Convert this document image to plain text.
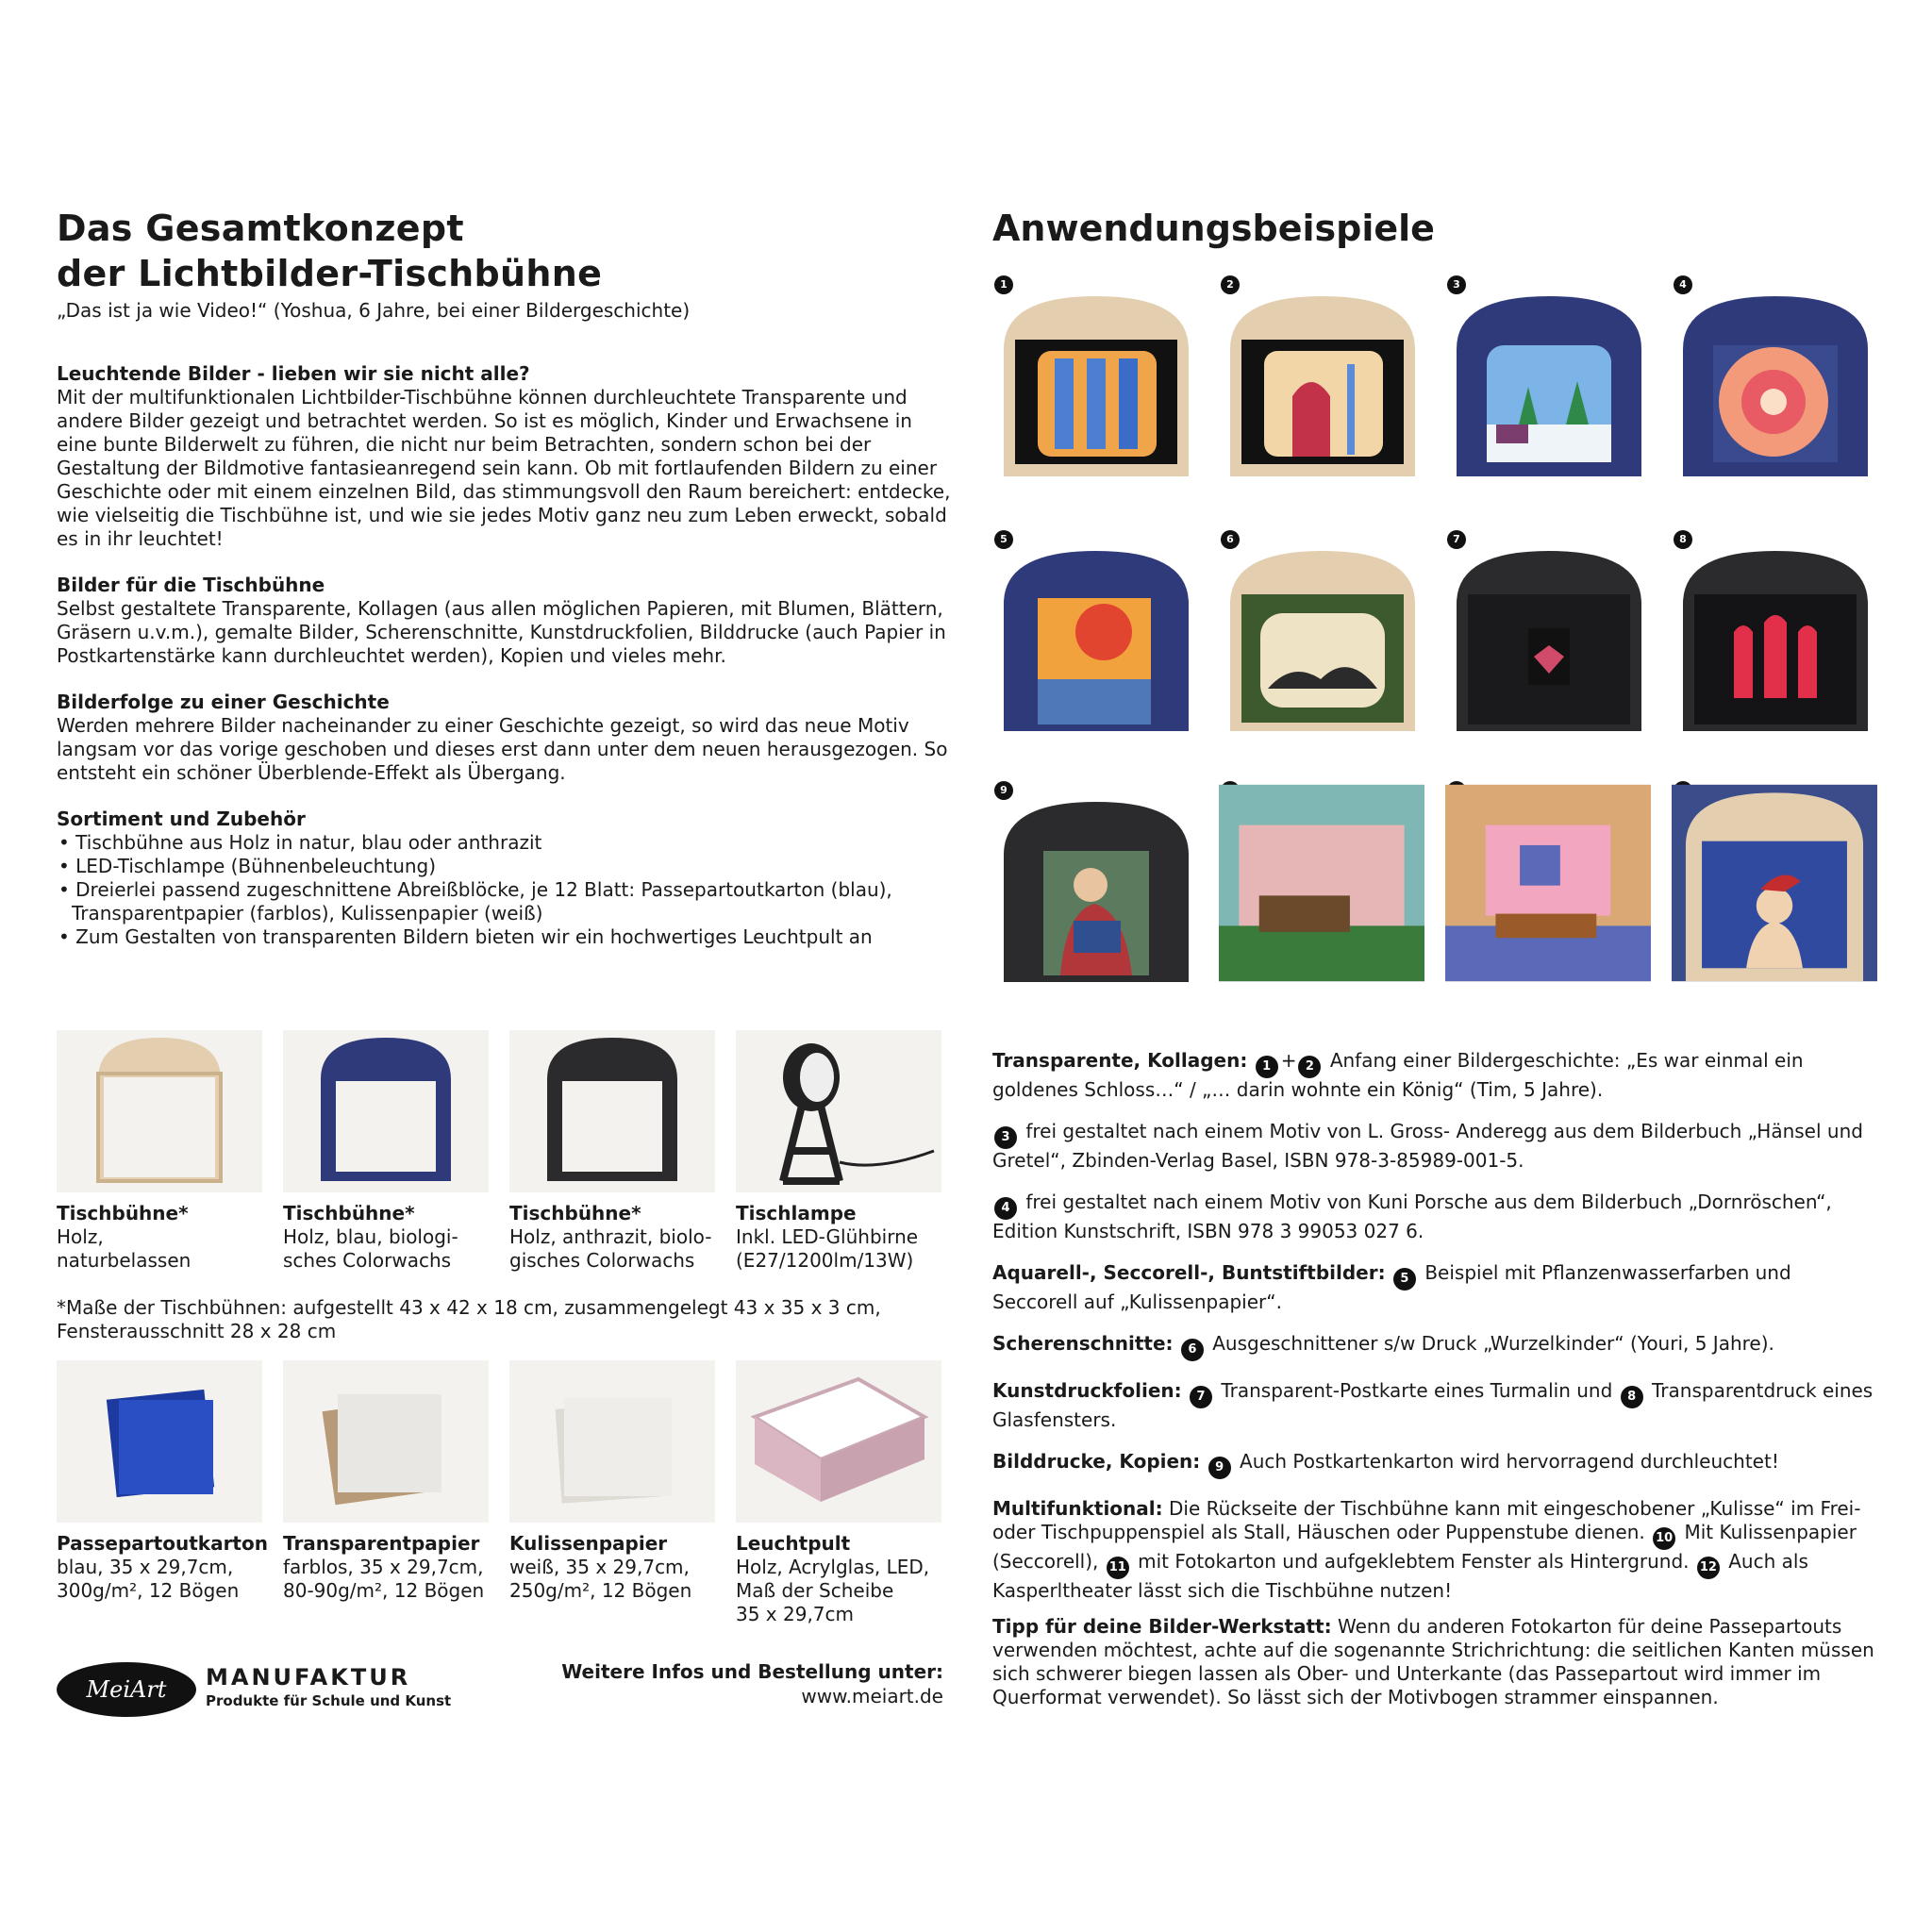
Das Gesamtkonzept
der Lichtbilder-Tischbühne
„Das ist ja wie Video!“ (Yoshua, 6 Jahre, bei einer Bildergeschichte)
Leuchtende Bilder - lieben wir sie nicht alle?

Mit der multifunktionalen Lichtbilder-Tischbühne können durchleuchtete Transparente und andere Bilder gezeigt und betrachtet werden. So ist es möglich, Kinder und Erwachsene in eine bunte Bilderwelt zu führen, die nicht nur beim Betrachten, sondern schon bei der Gestaltung der Bildmotive fantasieanregend sein kann. Ob mit fortlaufenden Bildern zu einer Geschichte oder mit einem einzelnen Bild, das stimmungsvoll den Raum bereichert: entdecke, wie vielseitig die Tischbühne ist, und wie sie jedes Motiv ganz neu zum Leben erweckt, sobald es in ihr leuchtet!

Bilder für die Tischbühne

Selbst gestaltete Transparente, Kollagen (aus allen möglichen Papieren, mit Blumen, Blättern, Gräsern u.v.m.), gemalte Bilder, Scherenschnitte, Kunstdruckfolien, Bilddrucke (auch Papier in Postkartenstärke kann durchleuchtet werden), Kopien und vieles mehr.

Bilderfolge zu einer Geschichte

Werden mehrere Bilder nacheinander zu einer Geschichte gezeigt, so wird das neue Motiv langsam vor das vorige geschoben und dieses erst dann unter dem neuen herausgezogen. So entsteht ein schöner Überblende-Effekt als Übergang.

Sortiment und Zubehör
• Tischbühne aus Holz in natur, blau oder anthrazit
• LED-Tischlampe (Bühnenbeleuchtung)
• Dreierlei passend zugeschnittene Abreißblöcke, je 12 Blatt: Passepartoutkarton (blau), Transparentpapier (farblos), Kulissenpapier (weiß)
• Zum Gestalten von transparenten Bildern bieten wir ein hochwertiges Leuchtpult an
Tischbühne*
Holz,
naturbelassen
Tischbühne*
Holz, blau, biologi-
sches Colorwachs
Tischbühne*
Holz, anthrazit, biolo-
gisches Colorwachs
Tischlampe
Inkl. LED-Glühbirne
(E27/1200lm/13W)
*Maße der Tischbühnen: aufgestellt 43 x 42 x 18 cm, zusammengelegt 43 x 35 x 3 cm, Fensterausschnitt 28 x 28 cm
Passepartoutkarton
blau, 35 x 29,7cm,
300g/m², 12 Bögen
Transparentpapier
farblos, 35 x 29,7cm,
80-90g/m², 12 Bögen
Kulissenpapier
weiß, 35 x 29,7cm,
250g/m², 12 Bögen
Leuchtpult
Holz, Acrylglas, LED,
Maß der Scheibe
35 x 29,7cm
MeiArt	MANUFAKTUR
Produkte für Schule und Kunst
Weitere Infos und Bestellung unter:
www.meiart.de
Anwendungsbeispiele
1	2	3	4
5	6	7	8
9
Transparente, Kollagen: 1 + 2 Anfang einer Bildergeschichte: „Es war einmal ein goldenes Schloss…“ / „… darin wohnte ein König“ (Tim, 5 Jahre).
3 frei gestaltet nach einem Motiv von L. Gross- Anderegg aus dem Bilderbuch „Hänsel und Gretel“, Zbinden-Verlag Basel, ISBN 978-3-85989-001-5.
4 frei gestaltet nach einem Motiv von Kuni Porsche aus dem Bilderbuch „Dornröschen“, Edition Kunstschrift, ISBN 978 3 99053 027 6.
Aquarell-, Seccorell-, Buntstiftbilder: 5 Beispiel mit Pflanzenwasserfarben und Seccorell auf „Kulissenpapier“.
Scherenschnitte: 6 Ausgeschnittener s/w Druck „Wurzelkinder“ (Youri, 5 Jahre).
Kunstdruckfolien: 7 Transparent-Postkarte eines Turmalin und 8 Transparentdruck eines Glasfensters.
Bilddrucke, Kopien: 9 Auch Postkartenkarton wird hervorragend durchleuchtet!
Multifunktional: Die Rückseite der Tischbühne kann mit eingeschobener „Kulisse“ im Frei- oder Tischpuppenspiel als Stall, Häuschen oder Puppenstube dienen. 10 Mit Kulissenpapier (Seccorell), 11 mit Fotokarton und aufgeklebtem Fenster als Hintergrund. 12 Auch als Kasperltheater lässt sich die Tischbühne nutzen!
Tipp für deine Bilder-Werkstatt: Wenn du anderen Fotokarton für deine Passepartouts verwenden möchtest, achte auf die sogenannte Strichrichtung: die seitlichen Kanten müssen sich schwerer biegen lassen als Ober- und Unterkante (das Passepartout wird immer im Querformat verwendet). So lässt sich der Motivbogen strammer einspannen.
